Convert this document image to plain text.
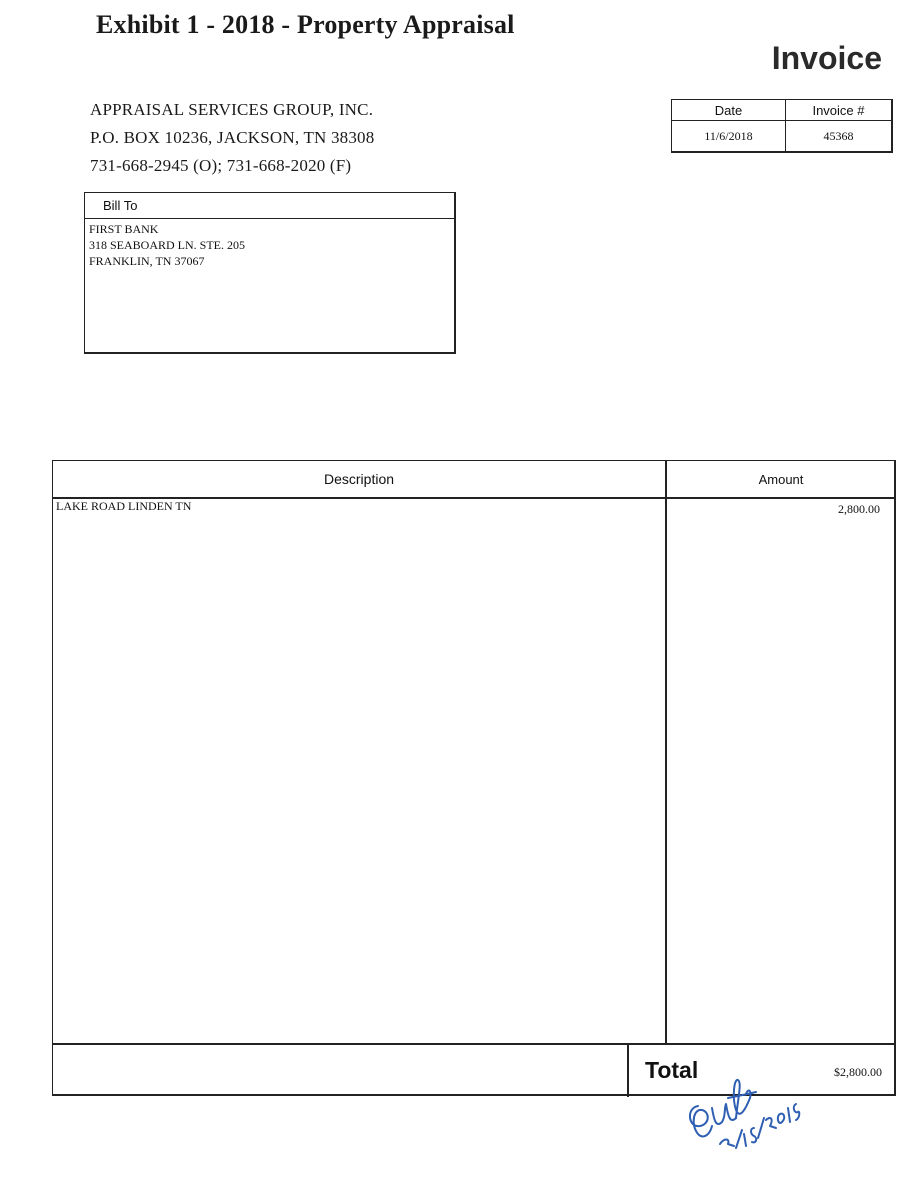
Exhibit 1 - 2018 - Property Appraisal
Invoice
APPRAISAL SERVICES GROUP, INC.
P.O. BOX 10236, JACKSON, TN 38308
731-668-2945 (O); 731-668-2020 (F)
Date	Invoice #
11/6/2018	45368
Bill To
FIRST BANK
318 SEABOARD LN. STE. 205
FRANKLIN, TN 37067
Description	Amount
LAKE ROAD LINDEN TN	2,800.00
Total	$2,800.00
